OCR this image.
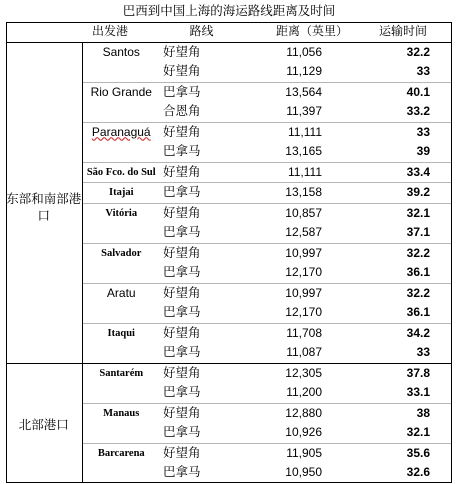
巴西到中国上海的海运路线距离及时间
	出发港	路线	距离（英里）	运输时间
东部和南部港口	Santos	好望角	11,056	32.2
		好望角	11,129	33
	Rio Grande	巴拿马	13,564	40.1
		合恩角	11,397	33.2
	Paranaguá	好望角	11,111	33
		巴拿马	13,165	39
	São Fco. do Sul	好望角	11,111	33.4
	Itajai	巴拿马	13,158	39.2
	Vitória	好望角	10,857	32.1
		巴拿马	12,587	37.1
	Salvador	好望角	10,997	32.2
		巴拿马	12,170	36.1
	Aratu	好望角	10,997	32.2
		巴拿马	12,170	36.1
	Itaqui	好望角	11,708	34.2
		巴拿马	11,087	33
北部港口	Santarém	好望角	12,305	37.8
		巴拿马	11,200	33.1
	Manaus	好望角	12,880	38
		巴拿马	10,926	32.1
	Barcarena	好望角	11,905	35.6
		巴拿马	10,950	32.6
